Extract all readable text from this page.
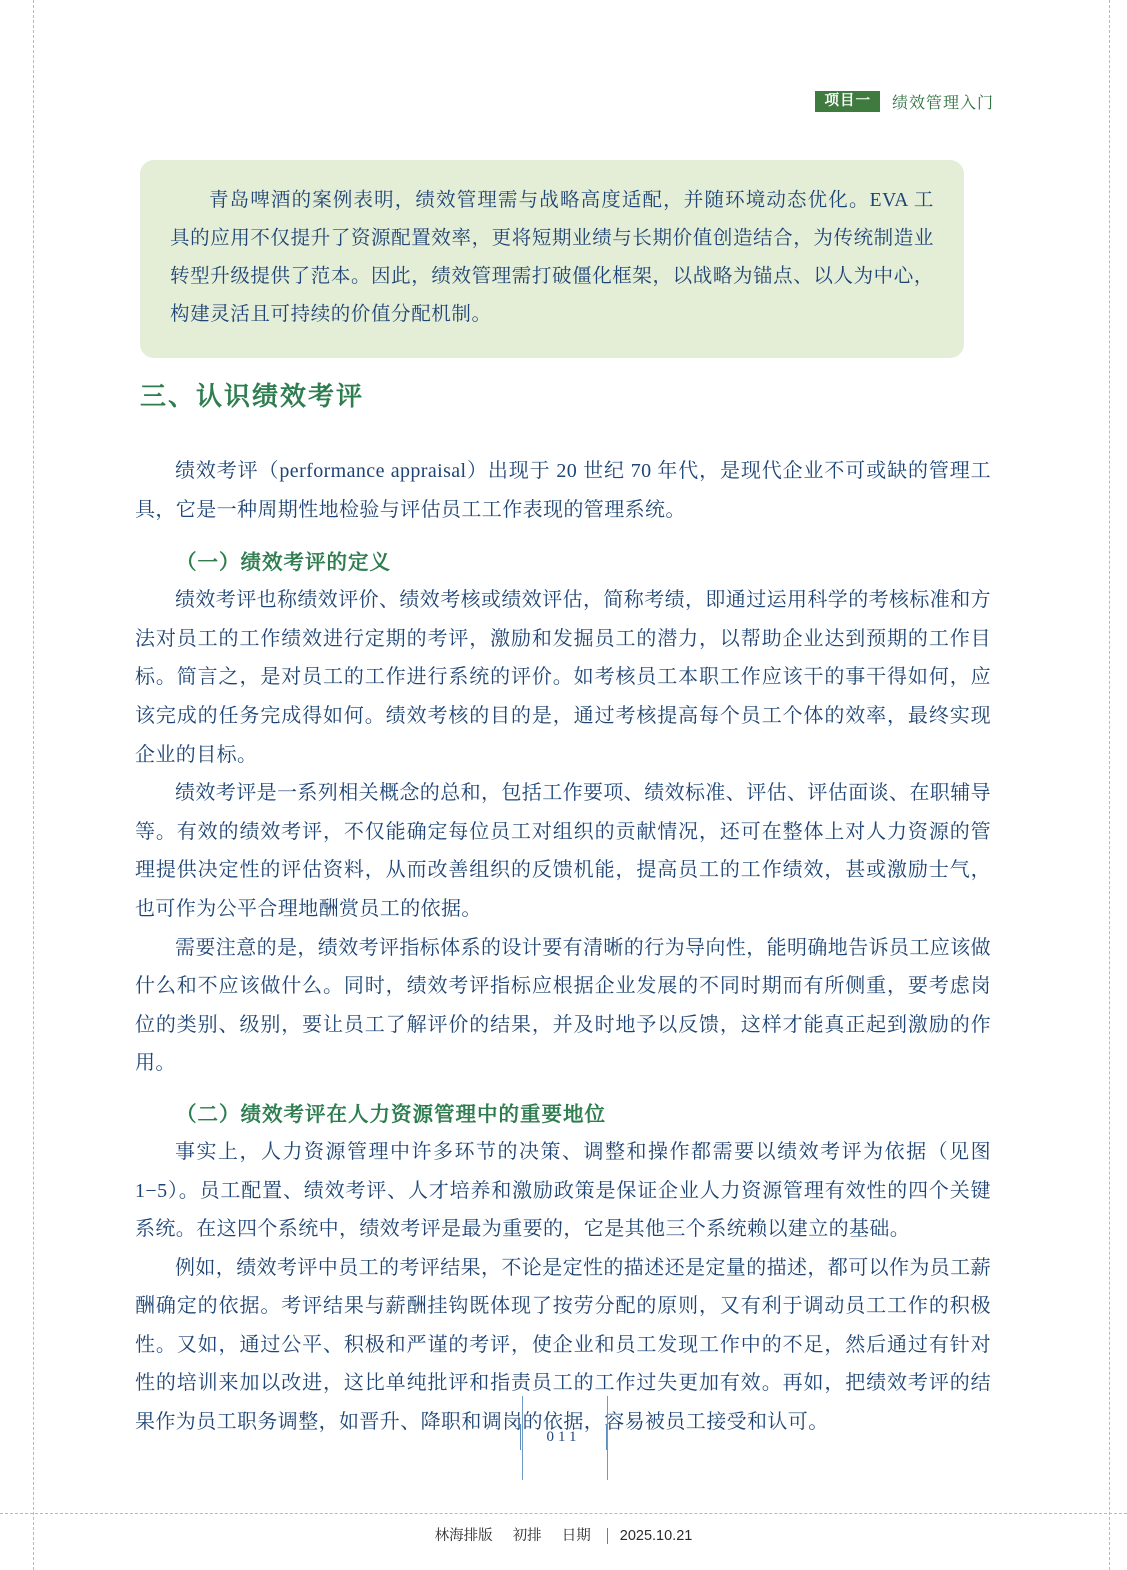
项目一	绩效管理入门

青岛啤酒的案例表明，绩效管理需与战略高度适配，并随环境动态优化。EVA 工具的应用不仅提升了资源配置效率，更将短期业绩与长期价值创造结合，为传统制造业转型升级提供了范本。因此，绩效管理需打破僵化框架，以战略为锚点、以人为中心，构建灵活且可持续的价值分配机制。

三、认识绩效考评

绩效考评（performance appraisal）出现于 20 世纪 70 年代，是现代企业不可或缺的管理工具，它是一种周期性地检验与评估员工工作表现的管理系统。

（一）绩效考评的定义

绩效考评也称绩效评价、绩效考核或绩效评估，简称考绩，即通过运用科学的考核标准和方法对员工的工作绩效进行定期的考评，激励和发掘员工的潜力，以帮助企业达到预期的工作目标。简言之，是对员工的工作进行系统的评价。如考核员工本职工作应该干的事干得如何，应该完成的任务完成得如何。绩效考核的目的是，通过考核提高每个员工个体的效率，最终实现企业的目标。

绩效考评是一系列相关概念的总和，包括工作要项、绩效标准、评估、评估面谈、在职辅导等。有效的绩效考评，不仅能确定每位员工对组织的贡献情况，还可在整体上对人力资源的管理提供决定性的评估资料，从而改善组织的反馈机能，提高员工的工作绩效，甚或激励士气，也可作为公平合理地酬赏员工的依据。

需要注意的是，绩效考评指标体系的设计要有清晰的行为导向性，能明确地告诉员工应该做什么和不应该做什么。同时，绩效考评指标应根据企业发展的不同时期而有所侧重，要考虑岗位的类别、级别，要让员工了解评价的结果，并及时地予以反馈，这样才能真正起到激励的作用。

（二）绩效考评在人力资源管理中的重要地位

事实上，人力资源管理中许多环节的决策、调整和操作都需要以绩效考评为依据（见图 1−5）。员工配置、绩效考评、人才培养和激励政策是保证企业人力资源管理有效性的四个关键系统。在这四个系统中，绩效考评是最为重要的，它是其他三个系统赖以建立的基础。

例如，绩效考评中员工的考评结果，不论是定性的描述还是定量的描述，都可以作为员工薪酬确定的依据。考评结果与薪酬挂钩既体现了按劳分配的原则，又有利于调动员工工作的积极性。又如，通过公平、积极和严谨的考评，使企业和员工发现工作中的不足，然后通过有针对性的培训来加以改进，这比单纯批评和指责员工的工作过失更加有效。再如，把绩效考评的结果作为员工职务调整，如晋升、降职和调岗的依据，容易被员工接受和认可。

011
林海排版 初排 日期 2025.10.21
